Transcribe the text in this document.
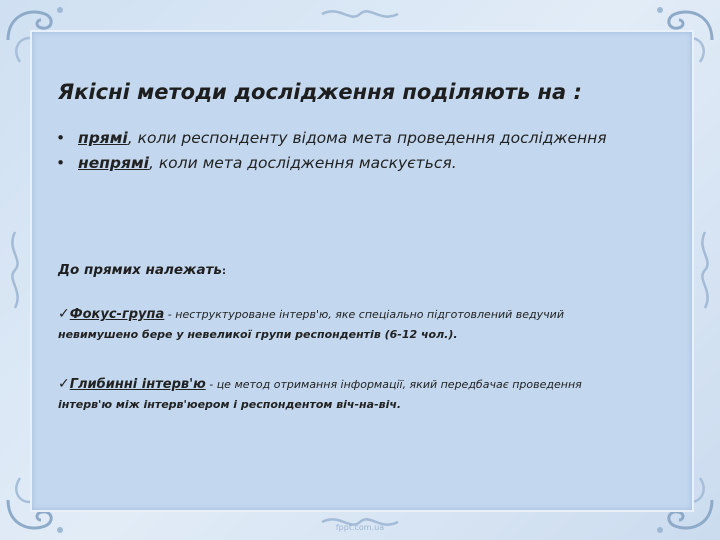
Якісні методи дослідження поділяють на :
• прямі, коли респонденту відома мета проведення дослідження
• непрямі, коли мета дослідження маскується.
До прямих належать:
✓Фокус-група - неструктуроване інтерв'ю, яке спеціально підготовлений ведучий
невимушено бере у невеликої групи респондентів (6-12 чол.).
✓Глибинні інтерв'ю - це метод отримання інформації, який передбачає проведення
інтерв'ю між інтерв'юером і респондентом віч-на-віч.
fppt.com.ua
